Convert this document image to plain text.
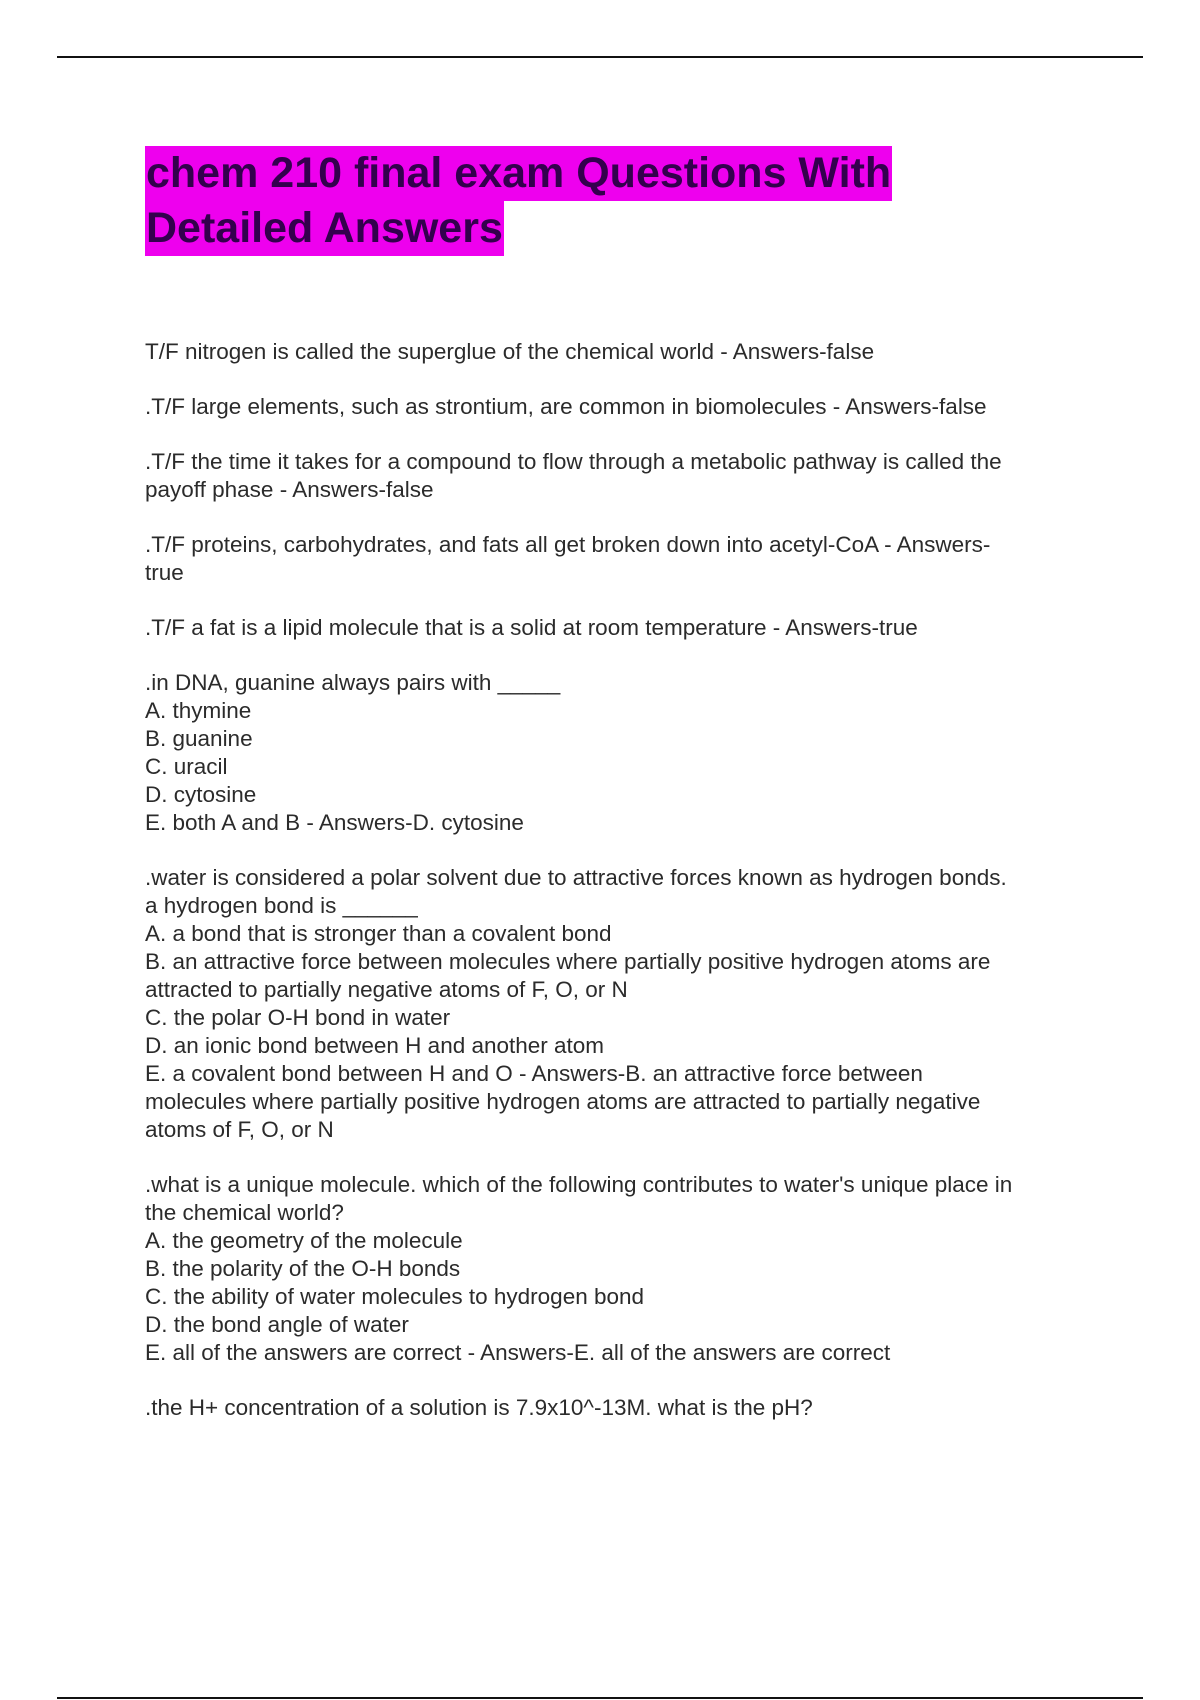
chem 210 final exam Questions With
Detailed Answers
T/F nitrogen is called the superglue of the chemical world - Answers-false
.T/F large elements, such as strontium, are common in biomolecules - Answers-false
.T/F the time it takes for a compound to flow through a metabolic pathway is called the
payoff phase - Answers-false
.T/F proteins, carbohydrates, and fats all get broken down into acetyl-CoA - Answers-
true
.T/F a fat is a lipid molecule that is a solid at room temperature - Answers-true
.in DNA, guanine always pairs with _____
A. thymine
B. guanine
C. uracil
D. cytosine
E. both A and B - Answers-D. cytosine
.water is considered a polar solvent due to attractive forces known as hydrogen bonds.
a hydrogen bond is ______
A. a bond that is stronger than a covalent bond
B. an attractive force between molecules where partially positive hydrogen atoms are
attracted to partially negative atoms of F, O, or N
C. the polar O-H bond in water
D. an ionic bond between H and another atom
E. a covalent bond between H and O - Answers-B. an attractive force between
molecules where partially positive hydrogen atoms are attracted to partially negative
atoms of F, O, or N
.what is a unique molecule. which of the following contributes to water's unique place in
the chemical world?
A. the geometry of the molecule
B. the polarity of the O-H bonds
C. the ability of water molecules to hydrogen bond
D. the bond angle of water
E. all of the answers are correct - Answers-E. all of the answers are correct
.the H+ concentration of a solution is 7.9x10^-13M. what is the pH?
